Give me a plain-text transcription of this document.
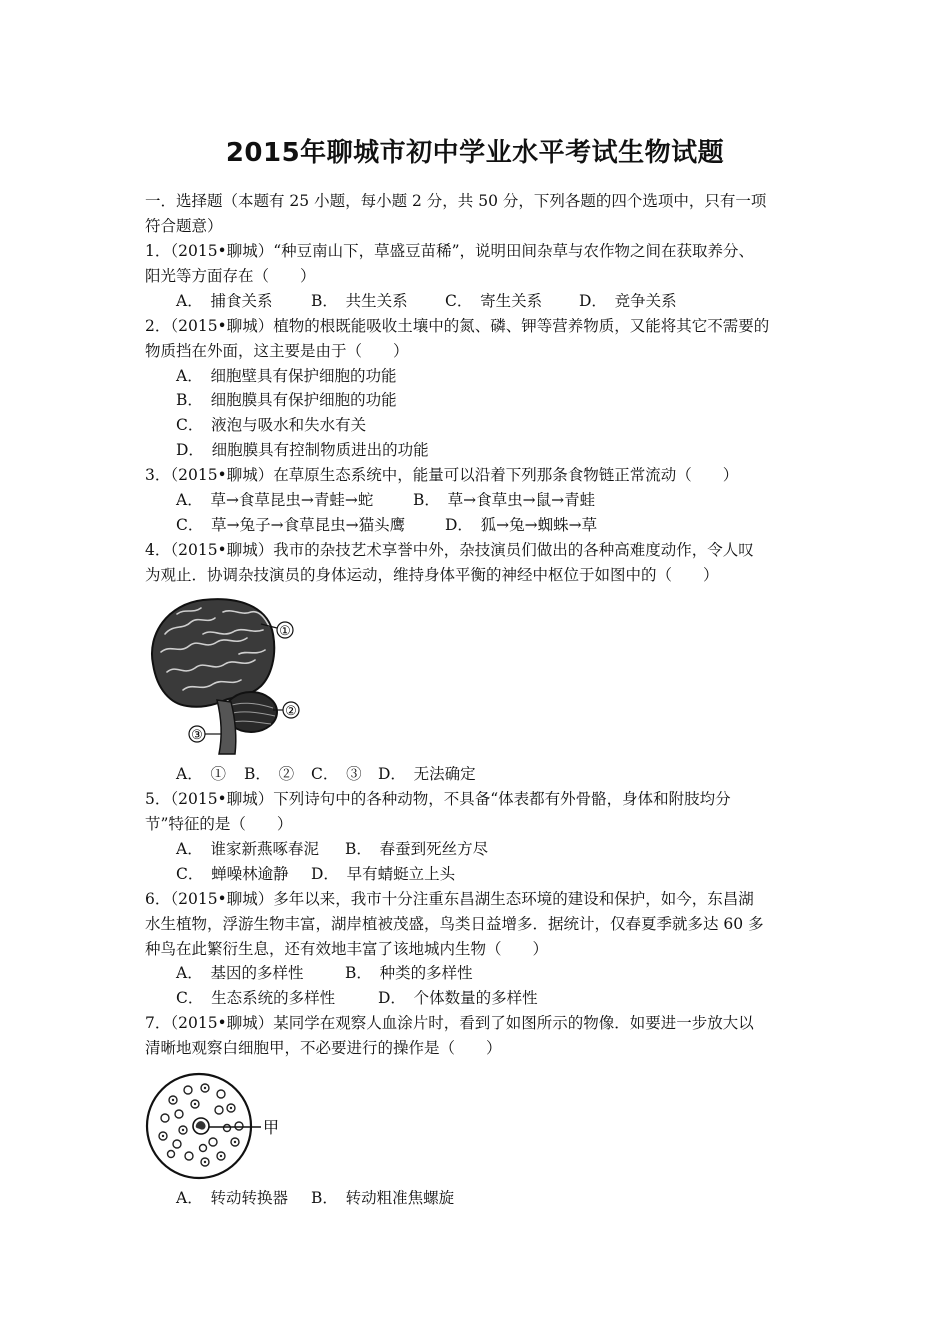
2015年聊城市初中学业水平考试生物试题
一．选择题（本题有 25 小题，每小题 2 分，共 50 分，下列各题的四个选项中，只有一项
符合题意）
1．（2015•聊城）“种豆南山下，草盛豆苗稀”，说明田间杂草与农作物之间在获取养分、
阳光等方面存在（　　）
A．　捕食关系 B．　共生关系 C．　寄生关系 D．　竞争关系
2．（2015•聊城）植物的根既能吸收土壤中的氮、磷、钾等营养物质，又能将其它不需要的
物质挡在外面，这主要是由于（　　）
A．　细胞壁具有保护细胞的功能
B．　细胞膜具有保护细胞的功能
C．　液泡与吸水和失水有关
D．　细胞膜具有控制物质进出的功能
3．（2015•聊城）在草原生态系统中，能量可以沿着下列那条食物链正常流动（　　）
A．　草→食草昆虫→青蛙→蛇	B．　草→食草虫→鼠→青蛙
C．　草→兔子→食草昆虫→猫头鹰	D．　狐→兔→蜘蛛→草
4．（2015•聊城）我市的杂技艺术享誉中外，杂技演员们做出的各种高难度动作，令人叹
为观止．协调杂技演员的身体运动，维持身体平衡的神经中枢位于如图中的（　　）
①
②
③
A．　① B．　② C．　③ D．　无法确定
5．（2015•聊城）下列诗句中的各种动物，不具备“体表都有外骨骼，身体和附肢均分
节”特征的是（　　）
A．　谁家新燕啄春泥 B．　春蚕到死丝方尽
C．　蝉噪林逾静 D．　早有蜻蜓立上头
6．（2015•聊城）多年以来，我市十分注重东昌湖生态环境的建设和保护，如今，东昌湖
水生植物，浮游生物丰富，湖岸植被茂盛，鸟类日益增多．据统计，仅春夏季就多达 60 多
种鸟在此繁衍生息，还有效地丰富了该地城内生物（　　）
A．　基因的多样性	B．　种类的多样性
C．　生态系统的多样性	D．　个体数量的多样性
7．（2015•聊城）某同学在观察人血涂片时，看到了如图所示的物像．如要进一步放大以
清晰地观察白细胞甲，不必要进行的操作是（　　）
甲
A．　转动转换器 B．　转动粗准焦螺旋
